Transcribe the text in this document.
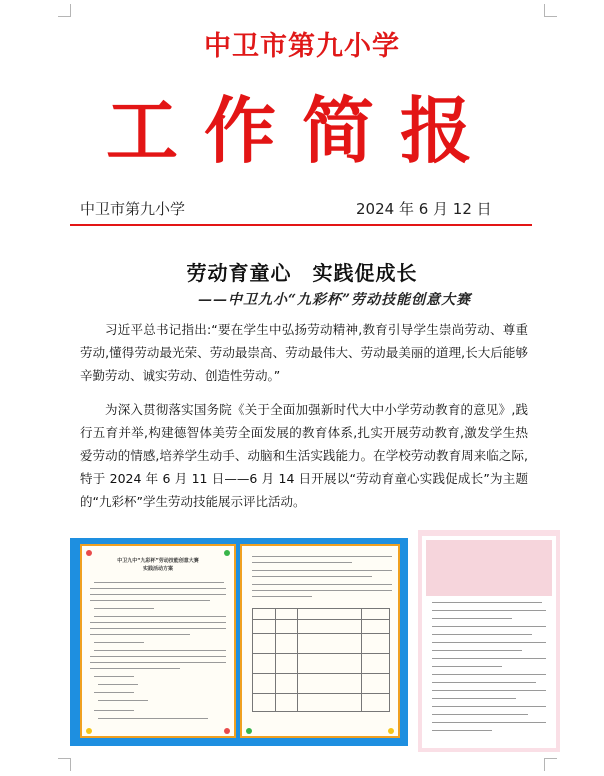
中卫市第九小学
工作简报
中卫市第九小学	2024 年 6 月 12 日
劳动育童心　实践促成长
——中卫九小“九彩杯”劳动技能创意大赛

习近平总书记指出:“要在学生中弘扬劳动精神,教育引导学生崇尚劳动、尊重劳动,懂得劳动最光荣、劳动最崇高、劳动最伟大、劳动最美丽的道理,长大后能够辛勤劳动、诚实劳动、创造性劳动。”

为深入贯彻落实国务院《关于全面加强新时代大中小学劳动教育的意见》,践行五育并举,构建德智体美劳全面发展的教育体系,扎实开展劳动教育,激发学生热爱劳动的情感,培养学生动手、动脑和生活实践能力。在学校劳动教育周来临之际,特于 2024 年 6 月 11 日——6 月 14 日开展以“劳动育童心实践促成长”为主题的“九彩杯”学生劳动技能展示评比活动。

中卫九中“九彩杯”劳动技能创意大赛
实践活动方案
